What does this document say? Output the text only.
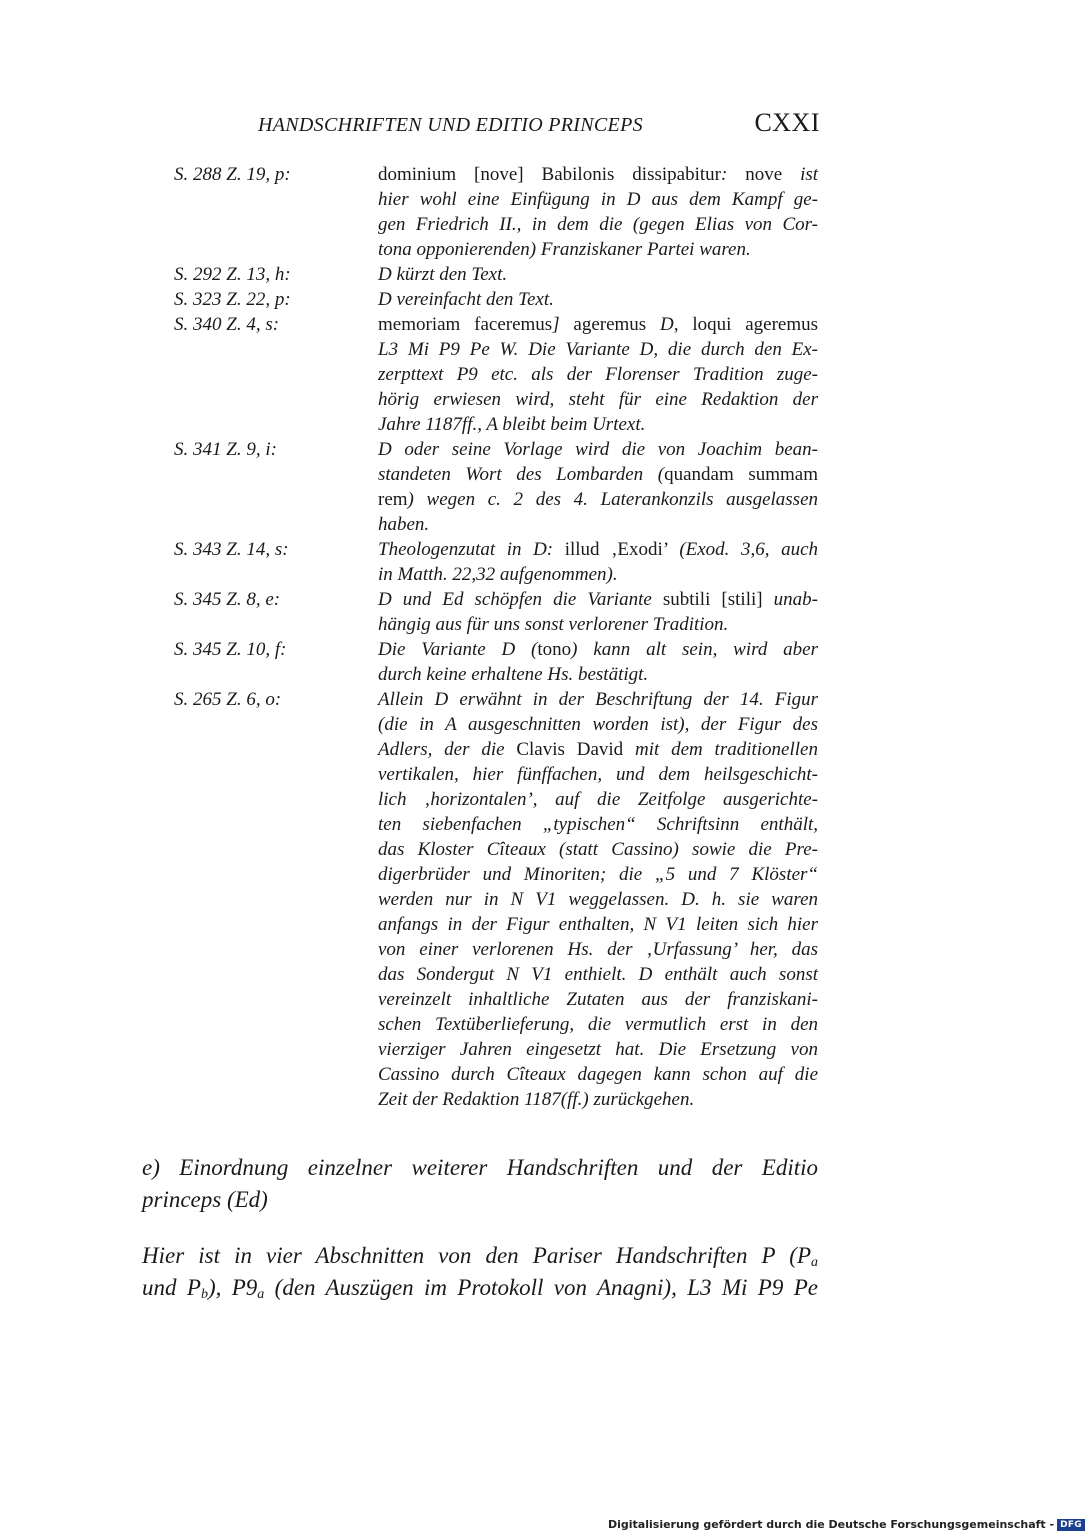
HANDSCHRIFTEN UND EDITIO PRINCEPS	CXXI
S. 288 Z. 19, p:	dominium [nove] Babilonis dissipabitur: nove ist
hier wohl eine Einfügung in D aus dem Kampf ge-
gen Friedrich II., in dem die (gegen Elias von Cor-
tona opponierenden) Franziskaner Partei waren.
S. 292 Z. 13, h:	D kürzt den Text.
S. 323 Z. 22, p:	D vereinfacht den Text.
S. 340 Z. 4, s:	memoriam faceremus] ageremus D, loqui ageremus
L3 Mi P9 Pe W. Die Variante D, die durch den Ex-
zerpttext P9 etc. als der Florenser Tradition zuge-
hörig erwiesen wird, steht für eine Redaktion der
Jahre 1187ff., A bleibt beim Urtext.
S. 341 Z. 9, i:	D oder seine Vorlage wird die von Joachim bean-
standeten Wort des Lombarden (quandam summam
rem) wegen c. 2 des 4. Laterankonzils ausgelassen
haben.
S. 343 Z. 14, s:	Theologenzutat in D: illud ‚Exodi’ (Exod. 3,6, auch
in Matth. 22,32 aufgenommen).
S. 345 Z. 8, e:	D und Ed schöpfen die Variante subtili [stili] unab-
hängig aus für uns sonst verlorener Tradition.
S. 345 Z. 10, f:	Die Variante D (tono) kann alt sein, wird aber
durch keine erhaltene Hs. bestätigt.
S. 265 Z. 6, o:	Allein D erwähnt in der Beschriftung der 14. Figur
(die in A ausgeschnitten worden ist), der Figur des
Adlers, der die Clavis David mit dem traditionellen
vertikalen, hier fünffachen, und dem heilsgeschicht-
lich ‚horizontalen’, auf die Zeitfolge ausgerichte-
ten siebenfachen „typischen“ Schriftsinn enthält,
das Kloster Cîteaux (statt Cassino) sowie die Pre-
digerbrüder und Minoriten; die „5 und 7 Klöster“
werden nur in N V1 weggelassen. D. h. sie waren
anfangs in der Figur enthalten, N V1 leiten sich hier
von einer verlorenen Hs. der ‚Urfassung’ her, das
das Sondergut N V1 enthielt. D enthält auch sonst
vereinzelt inhaltliche Zutaten aus der franziskani-
schen Textüberlieferung, die vermutlich erst in den
vierziger Jahren eingesetzt hat. Die Ersetzung von
Cassino durch Cîteaux dagegen kann schon auf die
Zeit der Redaktion 1187(ff.) zurückgehen.
e) Einordnung einzelner weiterer Handschriften und der Editio
princeps (Ed)
Hier ist in vier Abschnitten von den Pariser Handschriften P ($P_a$
und $P_b$), $P9_a$ (den Auszügen im Protokoll von Anagni), L3 Mi P9 Pe
Digitalisierung gefördert durch die Deutsche Forschungsgemeinschaft - DFG
